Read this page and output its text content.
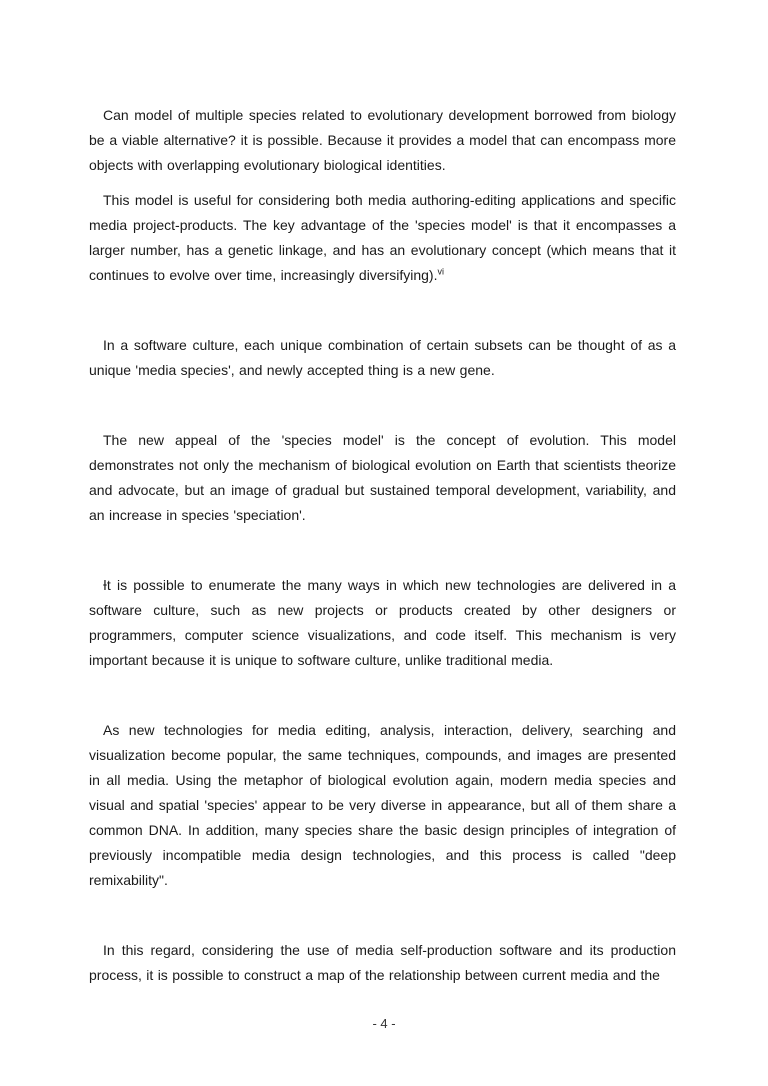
Can model of multiple species related to evolutionary development borrowed from biology be a viable alternative? it is possible. Because it provides a model that can encompass more objects with overlapping evolutionary biological identities.

This model is useful for considering both media authoring-editing applications and specific media project-products. The key advantage of the 'species model' is that it encompasses a larger number, has a genetic linkage, and has an evolutionary concept (which means that it continues to evolve over time, increasingly diversifying).$^{vi}$

In a software culture, each unique combination of certain subsets can be thought of as a unique 'media species', and newly accepted thing is a new gene.

The new appeal of the 'species model' is the concept of evolution. This model demonstrates not only the mechanism of biological evolution on Earth that scientists theorize and advocate, but an image of gradual but sustained temporal development, variability, and an increase in species 'speciation'.

Ɨt is possible to enumerate the many ways in which new technologies are delivered in a software culture, such as new projects or products created by other designers or programmers, computer science visualizations, and code itself. This mechanism is very important because it is unique to software culture, unlike traditional media.

As new technologies for media editing, analysis, interaction, delivery, searching and visualization become popular, the same techniques, compounds, and images are presented in all media. Using the metaphor of biological evolution again, modern media species and visual and spatial 'species' appear to be very diverse in appearance, but all of them share a common DNA. In addition, many species share the basic design principles of integration of previously incompatible media design technologies, and this process is called "deep remixability".

In this regard, considering the use of media self-production software and its production process, it is possible to construct a map of the relationship between current media and the

- 4 -
